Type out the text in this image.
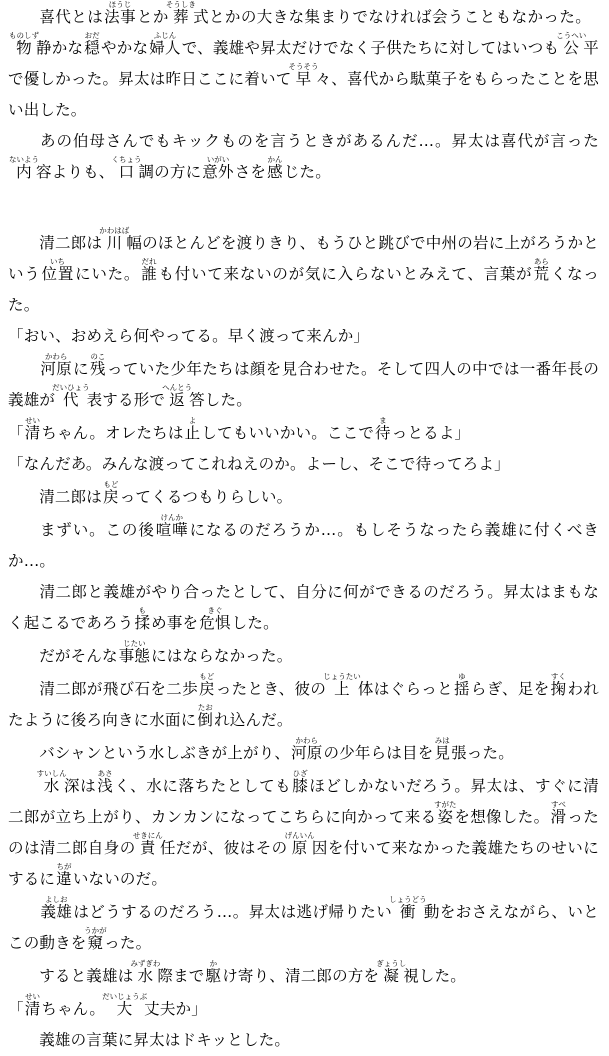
　喜代とは法事ほうじとか葬そうしき式とかの大きな集まりでなければ会うこともなかった。物ものしず静かな穏おだやかな婦人ふじんで、義雄や昇太だけでなく子供たちに対してはいつも公こうへい平で優しかった。昇太は昨日ここに着いて早そうそう々、喜代から駄菓子をもらったことを思い出した。

　あの伯母さんでもキックものを言うときがあるんだ…。昇太は喜代が言った内ないよう容よりも、口くちょう調の方に意外いがいさを感かんじた。

　清二郎は川かわはば幅のほとんどを渡りきり、もうひと跳びで中州の岩に上がろうかという位置いちにいた。誰だれも付いて来ないのが気に入らないとみえて、言葉が荒あらくなった。

「おい、おめえら何やってる。早く渡って来んか」

　河原かわらに残のこっていた少年たちは顔を見合わせた。そして四人の中では一番年長の義雄が代だいひょう表する形で返へんとう答した。

「清せいちゃん。オレたちは止よしてもいいかい。ここで待まっとるよ」

「なんだあ。みんな渡ってこれねえのか。よーし、そこで待ってろよ」

　清二郎は戻もどってくるつもりらしい。

　まずい。この後喧嘩けんかになるのだろうか…。もしそうなったら義雄に付くべきか…。

　清二郎と義雄がやり合ったとして、自分に何ができるのだろう。昇太はまもなく起こるであろう揉もめ事を危惧きぐした。

　だがそんな事態じたいにはならなかった。

　清二郎が飛び石を二歩戻もどったとき、彼の上じょうたい体はぐらっと揺ゆらぎ、足を掬すくわれたように後ろ向きに水面に倒たおれ込んだ。

　バシャンという水しぶきが上がり、河原かわらの少年らは目を見みは張った。

　水すいしん深は浅あさく、水に落ちたとしても膝ひざほどしかないだろう。昇太は、すぐに清二郎が立ち上がり、カンカンになってこちらに向かって来る姿すがたを想像した。滑すべったのは清二郎自身の責せきにん任だが、彼はその原げんいん因を付いて来なかった義雄たちのせいにするに違ちがいないのだ。

　義雄よしおはどうするのだろう…。昇太は逃げ帰りたい衝しょうどう動をおさえながら、いとこの動きを窺うかがった。

　すると義雄は水みずぎわ際まで駆かけ寄り、清二郎の方を凝ぎょうし視した。

「清せいちゃん。大だいじょうぶ丈夫か」

　義雄の言葉に昇太はドキッとした。
